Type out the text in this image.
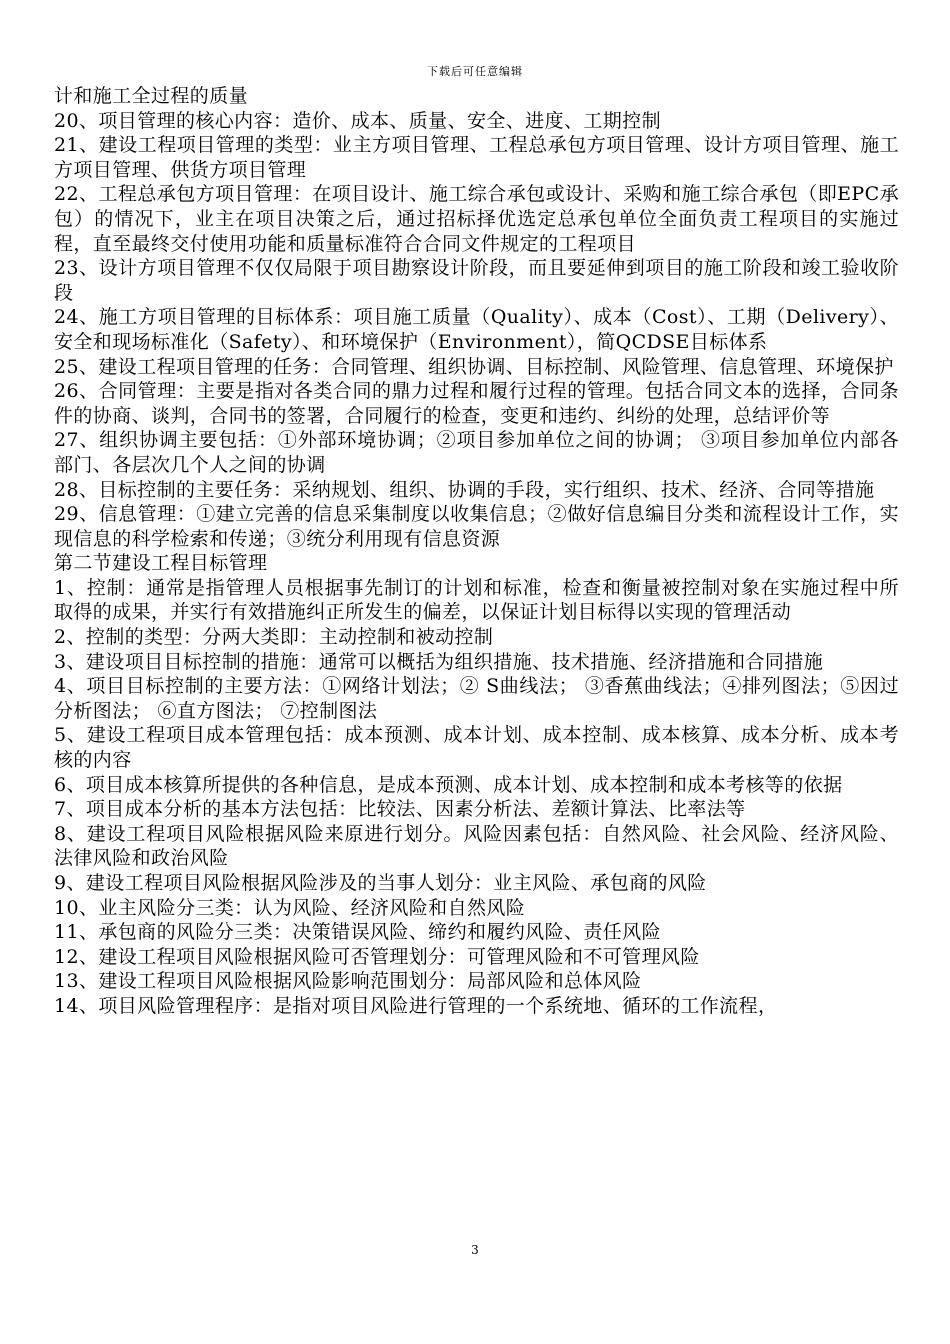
下载后可任意编辑

计和施工全过程的质量

20、项目管理的核心内容：造价、成本、质量、安全、进度、工期控制

21、建设工程项目管理的类型：业主方项目管理、工程总承包方项目管理、设计方项目管理、施工方项目管理、供货方项目管理

22、工程总承包方项目管理：在项目设计、施工综合承包或设计、采购和施工综合承包（即EPC承包）的情况下，业主在项目决策之后，通过招标择优选定总承包单位全面负责工程项目的实施过程，直至最终交付使用功能和质量标准符合合同文件规定的工程项目

23、设计方项目管理不仅仅局限于项目勘察设计阶段，而且要延伸到项目的施工阶段和竣工验收阶段

24、施工方项目管理的目标体系：项目施工质量（Quality）、成本（Cost）、工期（Delivery）、安全和现场标准化（Safety）、和环境保护（Environment），简QCDSE目标体系

25、建设工程项目管理的任务：合同管理、组织协调、目标控制、风险管理、信息管理、环境保护

26、合同管理：主要是指对各类合同的鼎力过程和履行过程的管理。包括合同文本的选择，合同条件的协商、谈判，合同书的签署，合同履行的检查，变更和违约、纠纷的处理，总结评价等

27、组织协调主要包括：①外部环境协调；②项目参加单位之间的协调； ③项目参加单位内部各部门、各层次几个人之间的协调

28、目标控制的主要任务：采纳规划、组织、协调的手段，实行组织、技术、经济、合同等措施

29、信息管理：①建立完善的信息采集制度以收集信息；②做好信息编目分类和流程设计工作，实现信息的科学检索和传递；③统分利用现有信息资源

第二节建设工程目标管理

1、控制：通常是指管理人员根据事先制订的计划和标准，检查和衡量被控制对象在实施过程中所取得的成果，并实行有效措施纠正所发生的偏差，以保证计划目标得以实现的管理活动

2、控制的类型：分两大类即：主动控制和被动控制

3、建设项目目标控制的措施：通常可以概括为组织措施、技术措施、经济措施和合同措施

4、项目目标控制的主要方法：①网络计划法；② S曲线法； ③香蕉曲线法；④排列图法；⑤因过分析图法； ⑥直方图法； ⑦控制图法

5、建设工程项目成本管理包括：成本预测、成本计划、成本控制、成本核算、成本分析、成本考核的内容

6、项目成本核算所提供的各种信息，是成本预测、成本计划、成本控制和成本考核等的依据

7、项目成本分析的基本方法包括：比较法、因素分析法、差额计算法、比率法等

8、建设工程项目风险根据风险来原进行划分。风险因素包括：自然风险、社会风险、经济风险、法律风险和政治风险

9、建设工程项目风险根据风险涉及的当事人划分：业主风险、承包商的风险

10、业主风险分三类：认为风险、经济风险和自然风险

11、承包商的风险分三类：决策错误风险、缔约和履约风险、责任风险

12、建设工程项目风险根据风险可否管理划分：可管理风险和不可管理风险

13、建设工程项目风险根据风险影响范围划分：局部风险和总体风险

14、项目风险管理程序：是指对项目风险进行管理的一个系统地、循环的工作流程，

3
